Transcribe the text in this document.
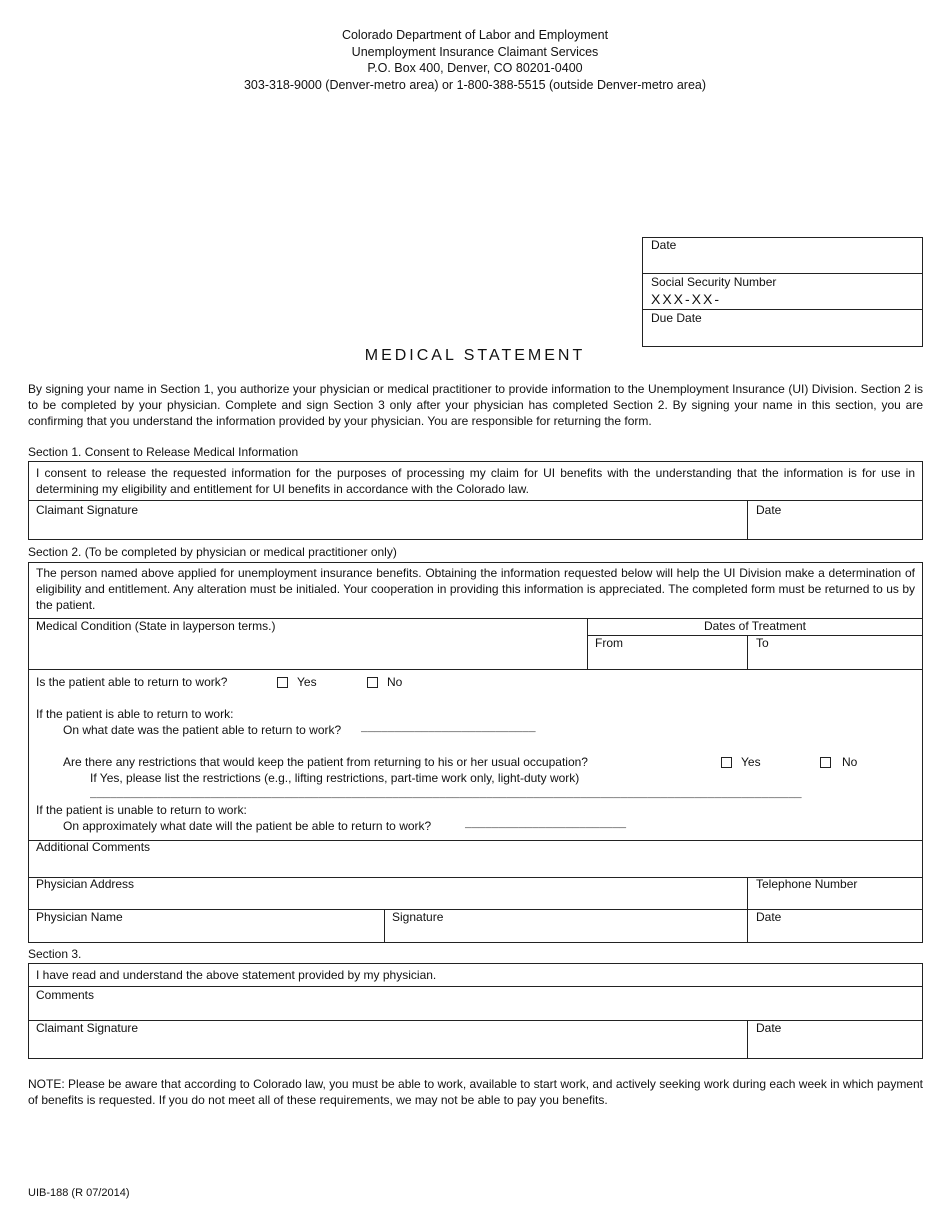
Colorado Department of Labor and Employment
Unemployment Insurance Claimant Services
P.O. Box 400, Denver, CO 80201-0400
303-318-9000 (Denver-metro area) or 1-800-388-5515 (outside Denver-metro area)
Date
Social Security Number
XXX-XX-
Due Date
MEDICAL STATEMENT
By signing your name in Section 1, you authorize your physician or medical practitioner to provide information to the Unemployment Insurance (UI) Division. Section 2 is to be completed by your physician. Complete and sign Section 3 only after your physician has completed Section 2. By signing your name in this section, you are confirming that you understand the information provided by your physician. You are responsible for returning the form.
Section 1. Consent to Release Medical Information
I consent to release the requested information for the purposes of processing my claim for UI benefits with the understanding that the information is for use in determining my eligibility and entitlement for UI benefits in accordance with the Colorado law.
Claimant Signature	Date
Section 2. (To be completed by physician or medical practitioner only)
The person named above applied for unemployment insurance benefits. Obtaining the information requested below will help the UI Division make a determination of eligibility and entitlement. Any alteration must be initialed. Your cooperation in providing this information is appreciated. The completed form must be returned to us by the patient.
Medical Condition (State in layperson terms.)	Dates of Treatment
From	To
Is the patient able to return to work?	Yes	No
If the patient is able to return to work:
On what date was the patient able to return to work? __________________________
Are there any restrictions that would keep the patient from returning to his or her usual occupation?	Yes	No
If Yes, please list the restrictions (e.g., lifting restrictions, part-time work only, light-duty work)
__________________________________________________________________________________________________________
If the patient is unable to return to work:
On approximately what date will the patient be able to return to work?	________________________
Additional Comments
Physician Address	Telephone Number
Physician Name	Signature	Date
Section 3.
I have read and understand the above statement provided by my physician.
Comments
Claimant Signature	Date
NOTE: Please be aware that according to Colorado law, you must be able to work, available to start work, and actively seeking work during each week in which payment of benefits is requested. If you do not meet all of these requirements, we may not be able to pay you benefits.
UIB-188 (R 07/2014)
